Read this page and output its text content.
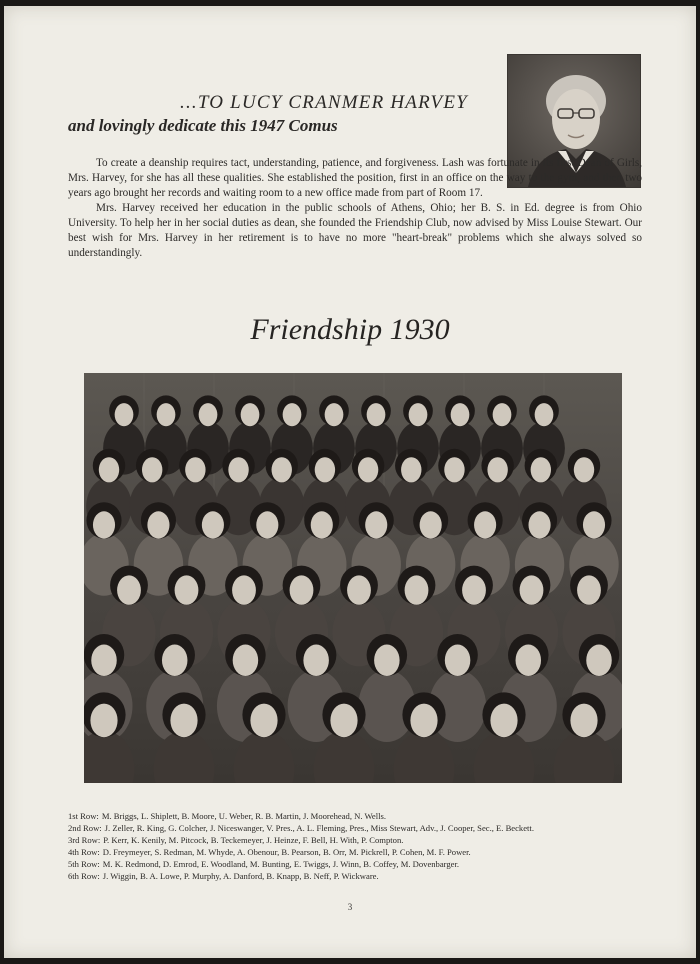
...TO LUCY CRANMER HARVEY
and lovingly dedicate this 1947 Comus

To create a deanship requires tact, understanding, patience, and forgiveness. Lash was fortunate in its first Dean of Girls, Mrs. Harvey, for she has all these qualities. She established the position, first in an office on the way to the gym, and then two years ago brought her records and waiting room to a new office made from part of Room 17.

Mrs. Harvey received her education in the public schools of Athens, Ohio; her B. S. in Ed. degree is from Ohio University. To help her in her social duties as dean, she founded the Friendship Club, now advised by Miss Louise Stewart. Our best wish for Mrs. Harvey in her retirement is to have no more "heart-break" problems which she always solved so understandingly.

Friendship 1930
1st Row: M. Briggs, L. Shiplett, B. Moore, U. Weber, R. B. Martin, J. Moorehead, N. Wells.
2nd Row: J. Zeller, R. King, G. Colcher, J. Niceswanger, V. Pres., A. L. Fleming, Pres., Miss Stewart, Adv., J. Cooper, Sec., E. Beckett.
3rd Row: P. Kerr, K. Kenily, M. Pitcock, B. Teckemeyer, J. Heinze, F. Bell, H. With, P. Compton.
4th Row: D. Freymeyer, S. Redman, M. Whyde, A. Obenour, B. Pearson, B. Orr, M. Pickrell, P. Cohen, M. F. Power.
5th Row: M. K. Redmond, D. Emrod, E. Woodland, M. Bunting, E. Twiggs, J. Winn, B. Coffey, M. Dovenbarger.
6th Row: J. Wiggin, B. A. Lowe, P. Murphy, A. Danford, B. Knapp, B. Neff, P. Wickware.
3
